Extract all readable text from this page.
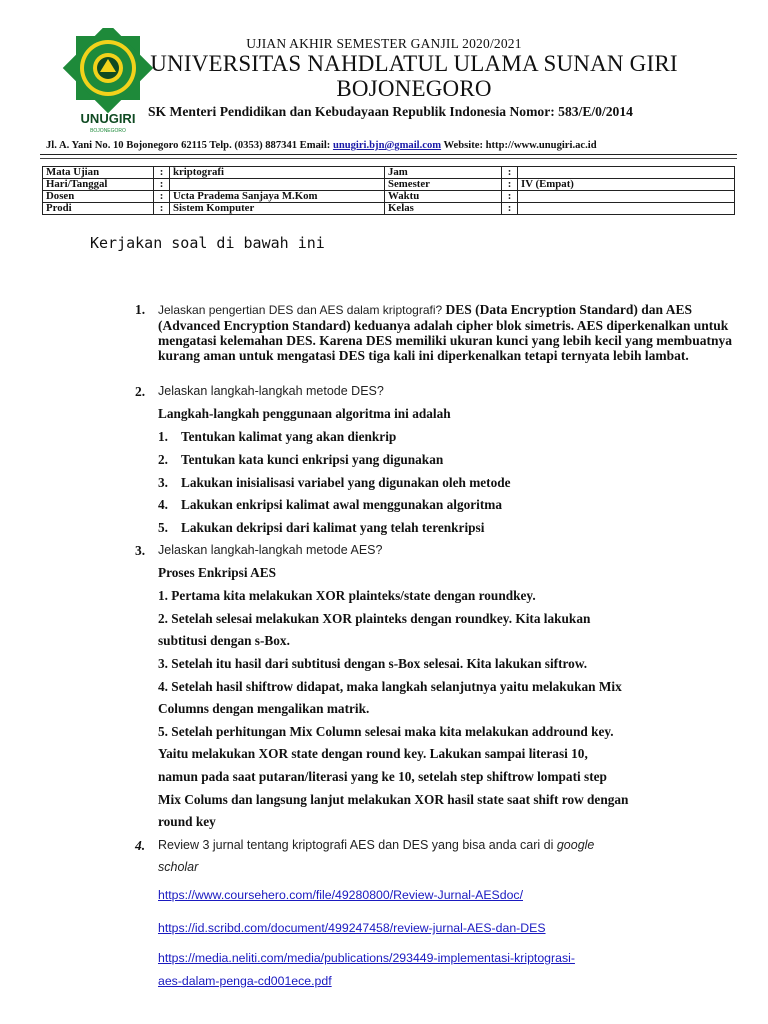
UNUGIRI
BOJONEGORO
UJIAN AKHIR SEMESTER GANJIL 2020/2021
UNIVERSITAS NAHDLATUL ULAMA SUNAN GIRI
BOJONEGORO
SK Menteri Pendidikan dan Kebudayaan Republik Indonesia Nomor: 583/E/0/2014
Jl. A. Yani No. 10 Bojonegoro 62115 Telp. (0353) 887341 Email: unugiri.bjn@gmail.com Website: http://www.unugiri.ac.id
Mata Ujian	:	kriptografi	Jam	:	
Hari/Tanggal	:		Semester	:	IV (Empat)
Dosen	:	Ucta Pradema Sanjaya M.Kom	Waktu	:	
Prodi	:	Sistem Komputer	Kelas	:	
Kerjakan soal di bawah ini
1.	Jelaskan pengertian DES dan AES dalam kriptografi? DES (Data Encryption Standard) dan AES (Advanced Encryption Standard) keduanya adalah cipher blok simetris. AES diperkenalkan untuk mengatasi kelemahan DES. Karena DES memiliki ukuran kunci yang lebih kecil yang membuatnya kurang aman untuk mengatasi DES tiga kali ini diperkenalkan tetapi ternyata lebih lambat.
2.	Jelaskan langkah-langkah metode DES?
Langkah-langkah penggunaan algoritma ini adalah
1. Tentukan kalimat yang akan dienkrip
2. Tentukan kata kunci enkripsi yang digunakan
3. Lakukan inisialisasi variabel yang digunakan oleh metode
4. Lakukan enkripsi kalimat awal menggunakan algoritma
5. Lakukan dekripsi dari kalimat yang telah terenkripsi
3.	Jelaskan langkah-langkah metode AES?
Proses Enkripsi AES
1. Pertama kita melakukan XOR plainteks/state dengan roundkey.
2. Setelah selesai melakukan XOR plainteks dengan roundkey. Kita lakukan
subtitusi dengan s-Box.
3. Setelah itu hasil dari subtitusi dengan s-Box selesai. Kita lakukan siftrow.
4. Setelah hasil shiftrow didapat, maka langkah selanjutnya yaitu melakukan Mix
Columns dengan mengalikan matrik.
5. Setelah perhitungan Mix Column selesai maka kita melakukan addround key.
Yaitu melakukan XOR state dengan round key. Lakukan sampai literasi 10,
namun pada saat putaran/literasi yang ke 10, setelah step shiftrow lompati step
Mix Colums dan langsung lanjut melakukan XOR hasil state saat shift row dengan
round key
4.	Review 3 jurnal tentang kriptografi AES dan DES yang bisa anda cari di google
scholar
https://www.coursehero.com/file/49280800/Review-Jurnal-AESdoc/
https://id.scribd.com/document/499247458/review-jurnal-AES-dan-DES
https://media.neliti.com/media/publications/293449-implementasi-kriptograsi-
aes-dalam-penga-cd001ece.pdf
